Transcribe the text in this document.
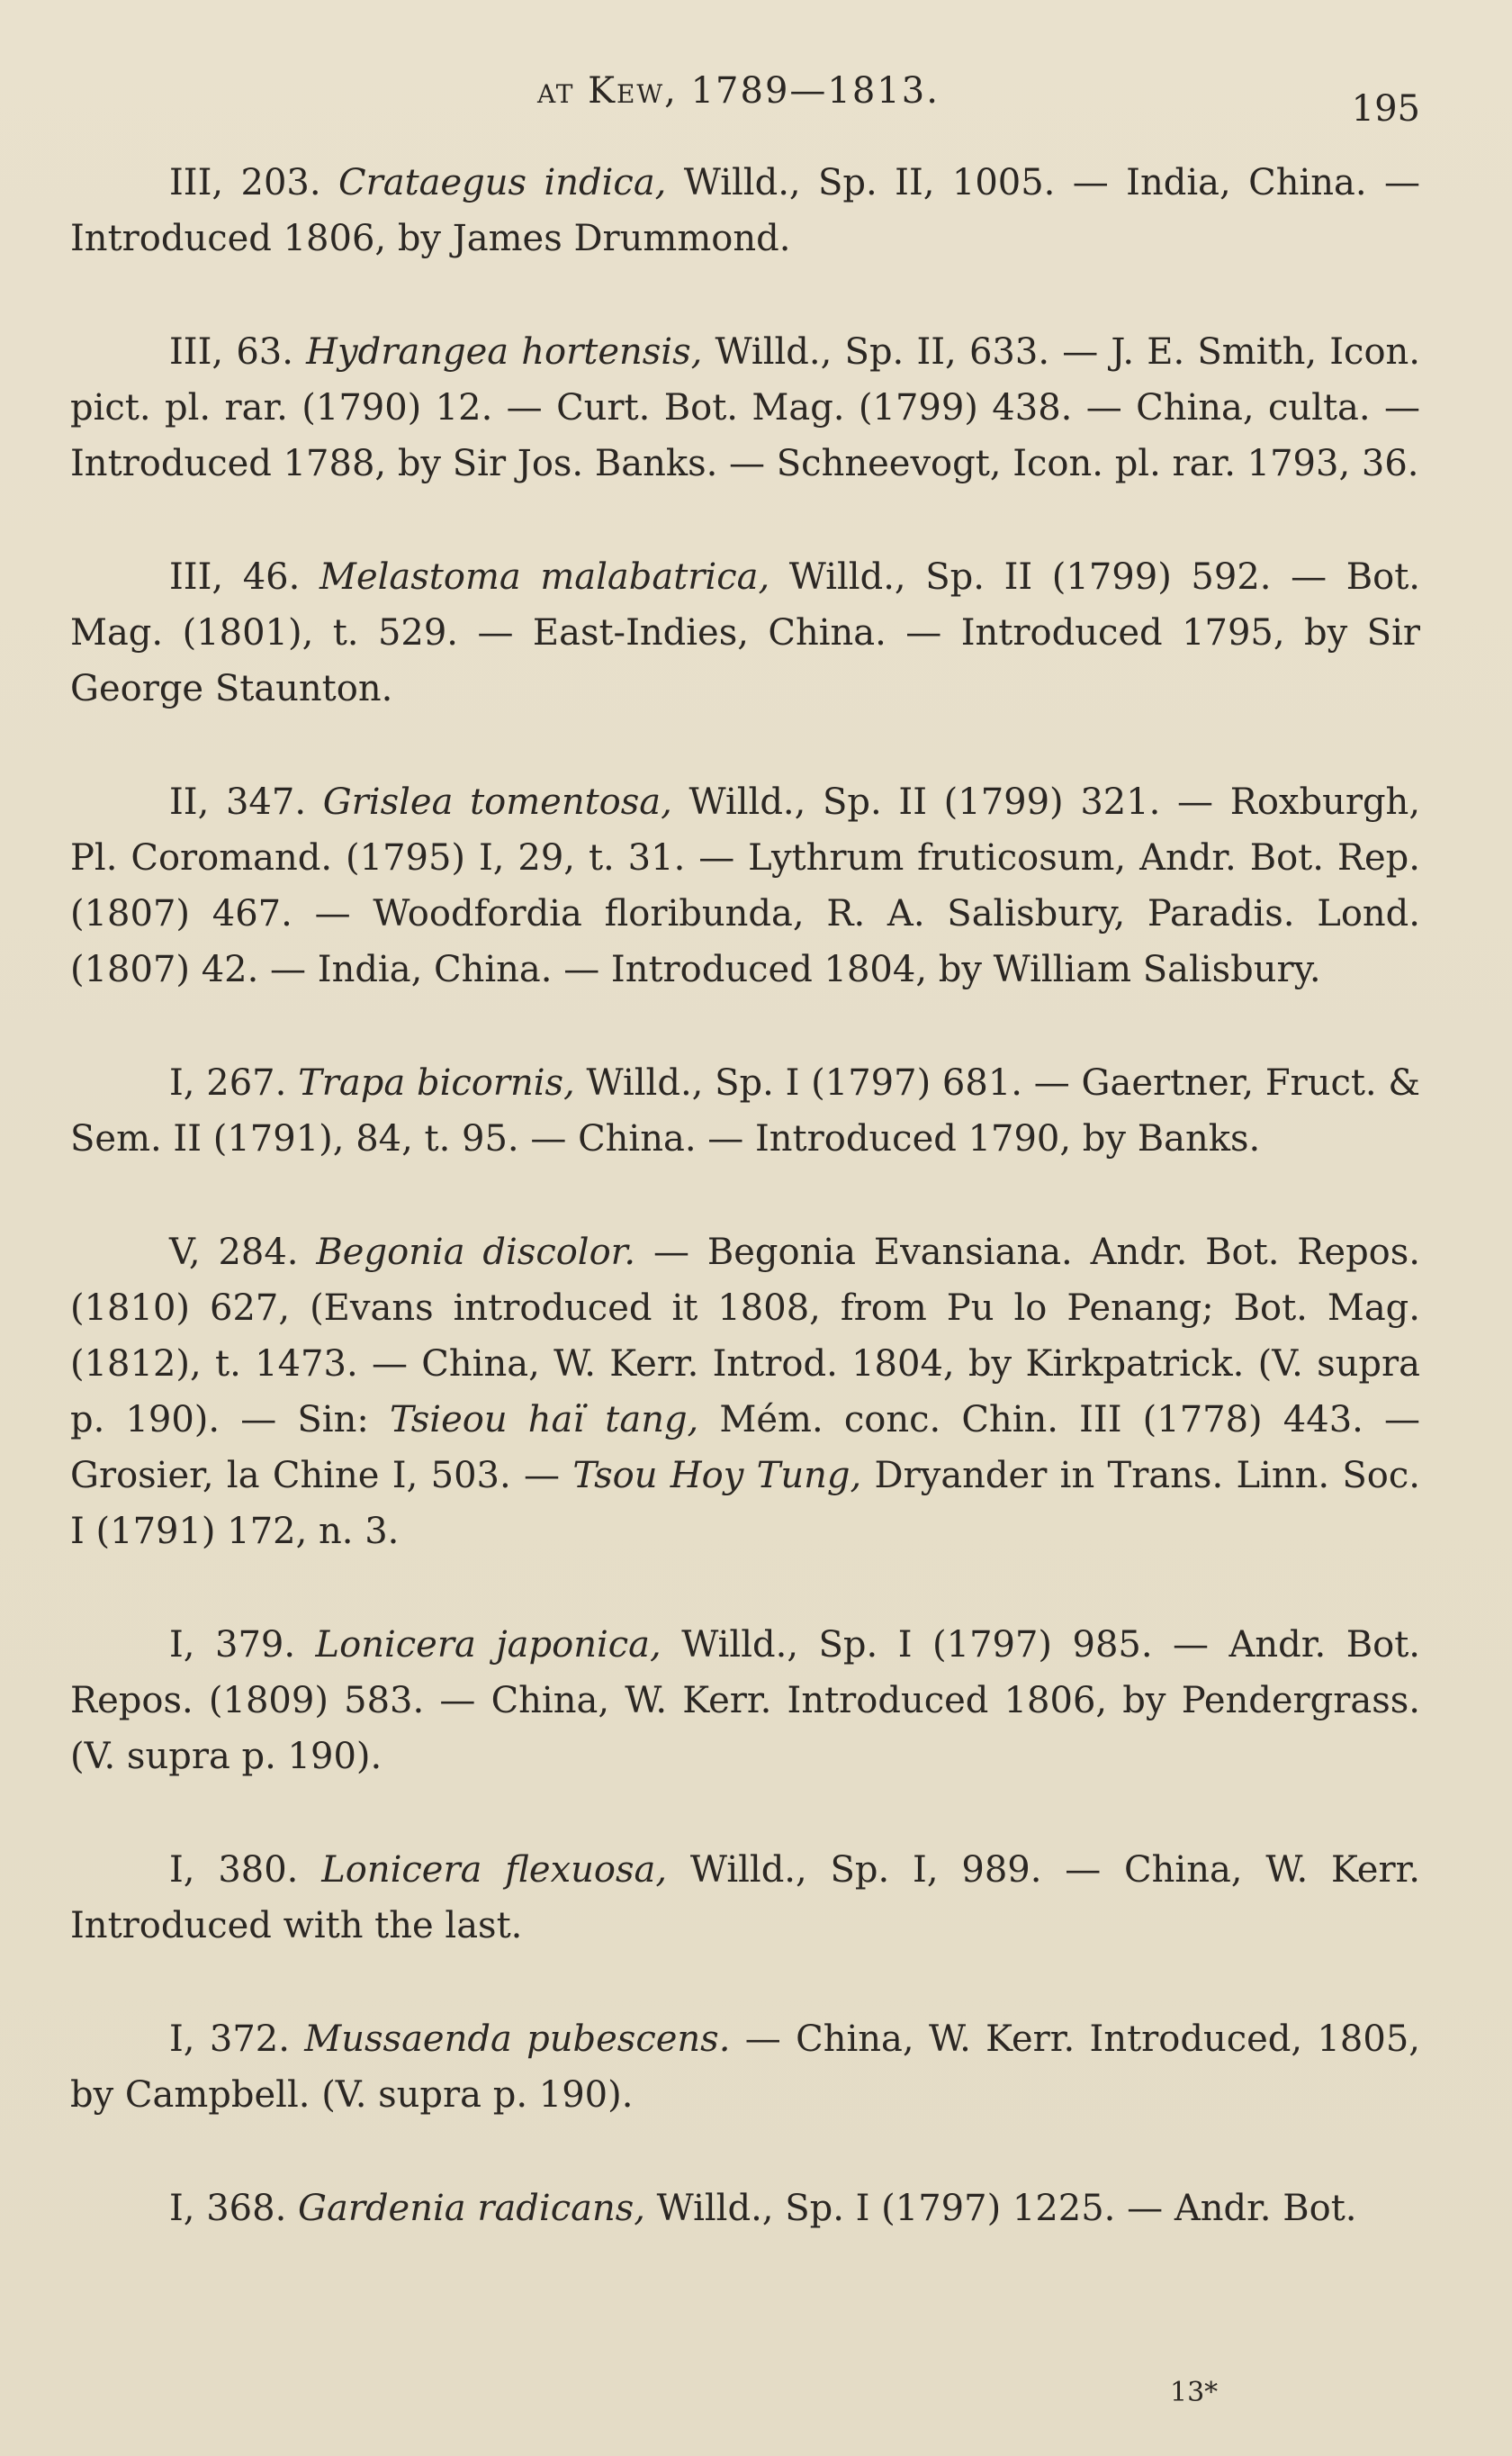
at Kew, 1789—1813.	195

III, 203. Crataegus indica, Willd., Sp. II, 1005. — India, China. — Introduced 1806, by James Drummond.

III, 63. Hydrangea hortensis, Willd., Sp. II, 633. — J. E. Smith, Icon. pict. pl. rar. (1790) 12. — Curt. Bot. Mag. (1799) 438. — China, culta. — Introduced 1788, by Sir Jos. Banks. — Schneevogt, Icon. pl. rar. 1793, 36.

III, 46. Melastoma malabatrica, Willd., Sp. II (1799) 592. — Bot. Mag. (1801), t. 529. — East-Indies, China. — Introduced 1795, by Sir George Staunton.

II, 347. Grislea tomentosa, Willd., Sp. II (1799) 321. — Roxburgh, Pl. Coromand. (1795) I, 29, t. 31. — Lythrum fruticosum, Andr. Bot. Rep. (1807) 467. — Woodfordia floribunda, R. A. Salisbury, Paradis. Lond. (1807) 42. — India, China. — Introduced 1804, by William Salisbury.

I, 267. Trapa bicornis, Willd., Sp. I (1797) 681. — Gaertner, Fruct. & Sem. II (1791), 84, t. 95. — China. — Introduced 1790, by Banks.

V, 284. Begonia discolor. — Begonia Evansiana. Andr. Bot. Repos. (1810) 627, (Evans introduced it 1808, from Pu lo Penang; Bot. Mag. (1812), t. 1473. — China, W. Kerr. Introd. 1804, by Kirkpatrick. (V. supra p. 190). — Sin: Tsieou haï tang, Mém. conc. Chin. III (1778) 443. — Grosier, la Chine I, 503. — Tsou Hoy Tung, Dryander in Trans. Linn. Soc. I (1791) 172, n. 3.

I, 379. Lonicera japonica, Willd., Sp. I (1797) 985. — Andr. Bot. Repos. (1809) 583. — China, W. Kerr. Introduced 1806, by Pendergrass. (V. supra p. 190).

I, 380. Lonicera flexuosa, Willd., Sp. I, 989. — China, W. Kerr. Introduced with the last.

I, 372. Mussaenda pubescens. — China, W. Kerr. Introduced, 1805, by Campbell. (V. supra p. 190).

I, 368. Gardenia radicans, Willd., Sp. I (1797) 1225. — Andr. Bot.

13*
